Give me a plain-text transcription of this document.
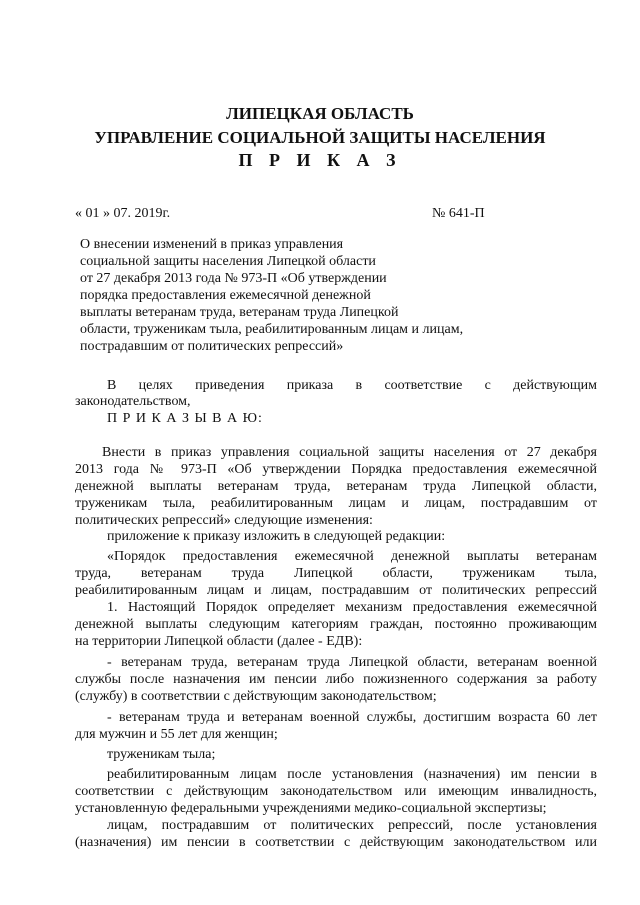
ЛИПЕЦКАЯ ОБЛАСТЬ

УПРАВЛЕНИЕ СОЦИАЛЬНОЙ ЗАЩИТЫ НАСЕЛЕНИЯ

П Р И К А З

« 01 » 07. 2019г.	№ 641-П

О внесении изменений в приказ управления

социальной защиты населения Липецкой области

от 27 декабря 2013 года № 973-П «Об утверждении

порядка предоставления ежемесячной денежной

выплаты ветеранам труда, ветеранам труда Липецкой

области, труженикам тыла, реабилитированным лицам и лицам,

пострадавшим от политических репрессий»

В целях приведения приказа в соответствие с действующим

законодательством,

П Р И К А З Ы В А Ю:

Внести в приказ управления социальной защиты населения от 27 декабря

2013 года № 973-П «Об утверждении Порядка предоставления ежемесячной

денежной выплаты ветеранам труда, ветеранам труда Липецкой области,

труженикам тыла, реабилитированным лицам и лицам, пострадавшим от

политических репрессий» следующие изменения:

приложение к приказу изложить в следующей редакции:

«Порядок предоставления ежемесячной денежной выплаты ветеранам

труда, ветеранам труда Липецкой области, труженикам тыла,

реабилитированным лицам и лицам, пострадавшим от политических репрессий

1. Настоящий Порядок определяет механизм предоставления ежемесячной

денежной выплаты следующим категориям граждан, постоянно проживающим

на территории Липецкой области (далее - ЕДВ):

- ветеранам труда, ветеранам труда Липецкой области, ветеранам военной

службы после назначения им пенсии либо пожизненного содержания за работу

(службу) в соответствии с действующим законодательством;

- ветеранам труда и ветеранам военной службы, достигшим возраста 60 лет

для мужчин и 55 лет для женщин;

труженикам тыла;

реабилитированным лицам после установления (назначения) им пенсии в

соответствии с действующим законодательством или имеющим инвалидность,

установленную федеральными учреждениями медико-социальной экспертизы;

лицам, пострадавшим от политических репрессий, после установления

(назначения) им пенсии в соответствии с действующим законодательством или
